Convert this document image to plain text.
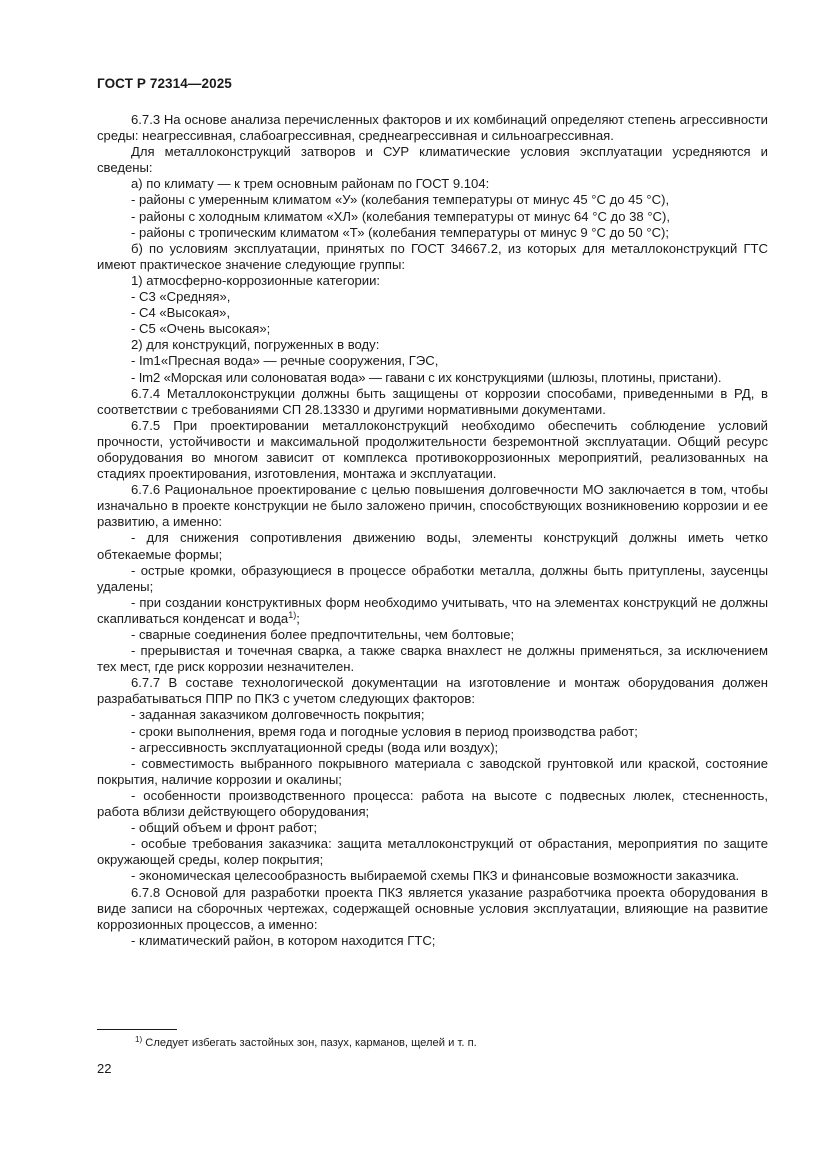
ГОСТ Р 72314—2025

6.7.3 На основе анализа перечисленных факторов и их комбинаций определяют степень агрессивности среды: неагрессивная, слабоагрессивная, среднеагрессивная и сильноагрессивная.

Для металлоконструкций затворов и СУР климатические условия эксплуатации усредняются и сведены:

а) по климату — к трем основным районам по ГОСТ 9.104:

- районы с умеренным климатом «У» (колебания температуры от минус 45 °С до 45 °С),

- районы с холодным климатом «ХЛ» (колебания температуры от минус 64 °С до 38 °С),

- районы с тропическим климатом «Т» (колебания температуры от минус 9 °С до 50 °С);

б) по условиям эксплуатации, принятых по ГОСТ 34667.2, из которых для металлоконструкций ГТС имеют практическое значение следующие группы:

1) атмосферно-коррозионные категории:

- С3 «Средняя»,

- С4 «Высокая»,

- С5 «Очень высокая»;

2) для конструкций, погруженных в воду:

- Im1«Пресная вода» — речные сооружения, ГЭС,

- Im2 «Морская или солоноватая вода» — гавани с их конструкциями (шлюзы, плотины, пристани).

6.7.4 Металлоконструкции должны быть защищены от коррозии способами, приведенными в РД, в соответствии с требованиями СП 28.13330 и другими нормативными документами.

6.7.5 При проектировании металлоконструкций необходимо обеспечить соблюдение условий прочности, устойчивости и максимальной продолжительности безремонтной эксплуатации. Общий ресурс оборудования во многом зависит от комплекса противокоррозионных мероприятий, реализованных на стадиях проектирования, изготовления, монтажа и эксплуатации.

6.7.6 Рациональное проектирование с целью повышения долговечности МО заключается в том, чтобы изначально в проекте конструкции не было заложено причин, способствующих возникновению коррозии и ее развитию, а именно:

- для снижения сопротивления движению воды, элементы конструкций должны иметь четко обтекаемые формы;

- острые кромки, образующиеся в процессе обработки металла, должны быть притуплены, заусенцы удалены;

- при создании конструктивных форм необходимо учитывать, что на элементах конструкций не должны скапливаться конденсат и вода$^{1)}$;

- сварные соединения более предпочтительны, чем болтовые;

- прерывистая и точечная сварка, а также сварка внахлест не должны применяться, за исключением тех мест, где риск коррозии незначителен.

6.7.7 В составе технологической документации на изготовление и монтаж оборудования должен разрабатываться ППР по ПКЗ с учетом следующих факторов:

- заданная заказчиком долговечность покрытия;

- сроки выполнения, время года и погодные условия в период производства работ;

- агрессивность эксплуатационной среды (вода или воздух);

- совместимость выбранного покрывного материала с заводской грунтовкой или краской, состояние покрытия, наличие коррозии и окалины;

- особенности производственного процесса: работа на высоте с подвесных люлек, стесненность, работа вблизи действующего оборудования;

- общий объем и фронт работ;

- особые требования заказчика: защита металлоконструкций от обрастания, мероприятия по защите окружающей среды, колер покрытия;

- экономическая целесообразность выбираемой схемы ПКЗ и финансовые возможности заказчика.

6.7.8 Основой для разработки проекта ПКЗ является указание разработчика проекта оборудования в виде записи на сборочных чертежах, содержащей основные условия эксплуатации, влияющие на развитие коррозионных процессов, а именно:

- климатический район, в котором находится ГТС;

$^{1)}$ Следует избегать застойных зон, пазух, карманов, щелей и т. п.
22
